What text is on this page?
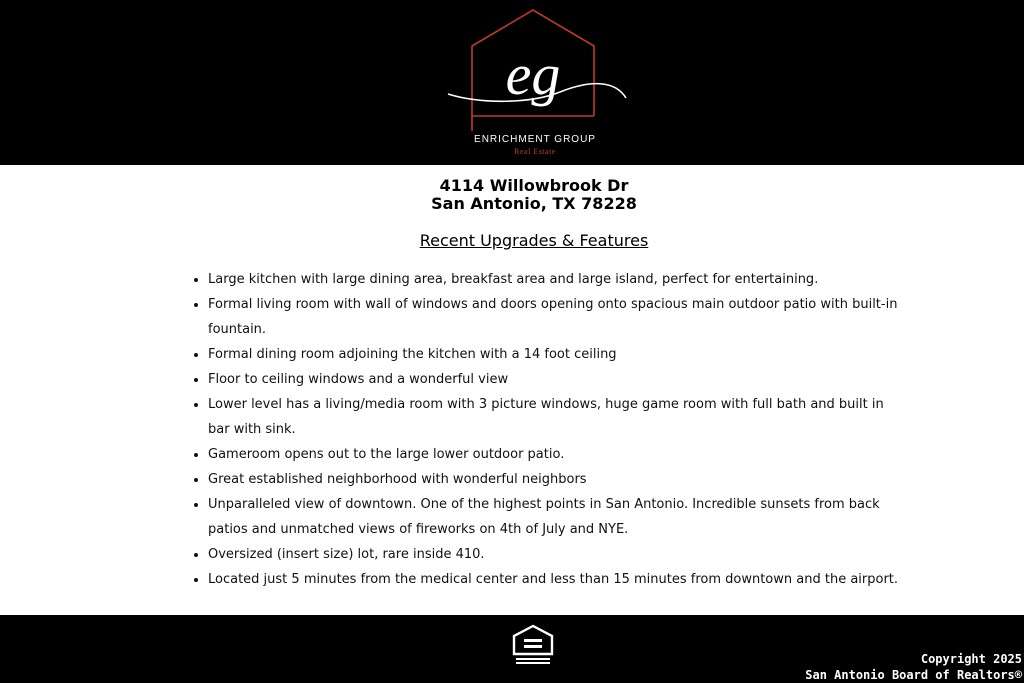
eg
ENRICHMENT GROUP
Real Estate
4114 Willowbrook Dr
San Antonio, TX 78228
Recent Upgrades & Features
• Large kitchen with large dining area, breakfast area and large island, perfect for entertaining.
• Formal living room with wall of windows and doors opening onto spacious main outdoor patio with built-in fountain.
• Formal dining room adjoining the kitchen with a 14 foot ceiling
• Floor to ceiling windows and a wonderful view
• Lower level has a living/media room with 3 picture windows, huge game room with full bath and built in bar with sink.
• Gameroom opens out to the large lower outdoor patio.
• Great established neighborhood with wonderful neighbors
• Unparalleled view of downtown. One of the highest points in San Antonio. Incredible sunsets from back patios and unmatched views of fireworks on 4th of July and NYE.
• Oversized (insert size) lot, rare inside 410.
• Located just 5 minutes from the medical center and less than 15 minutes from downtown and the airport.
Copyright 2025
San Antonio Board of Realtors®
